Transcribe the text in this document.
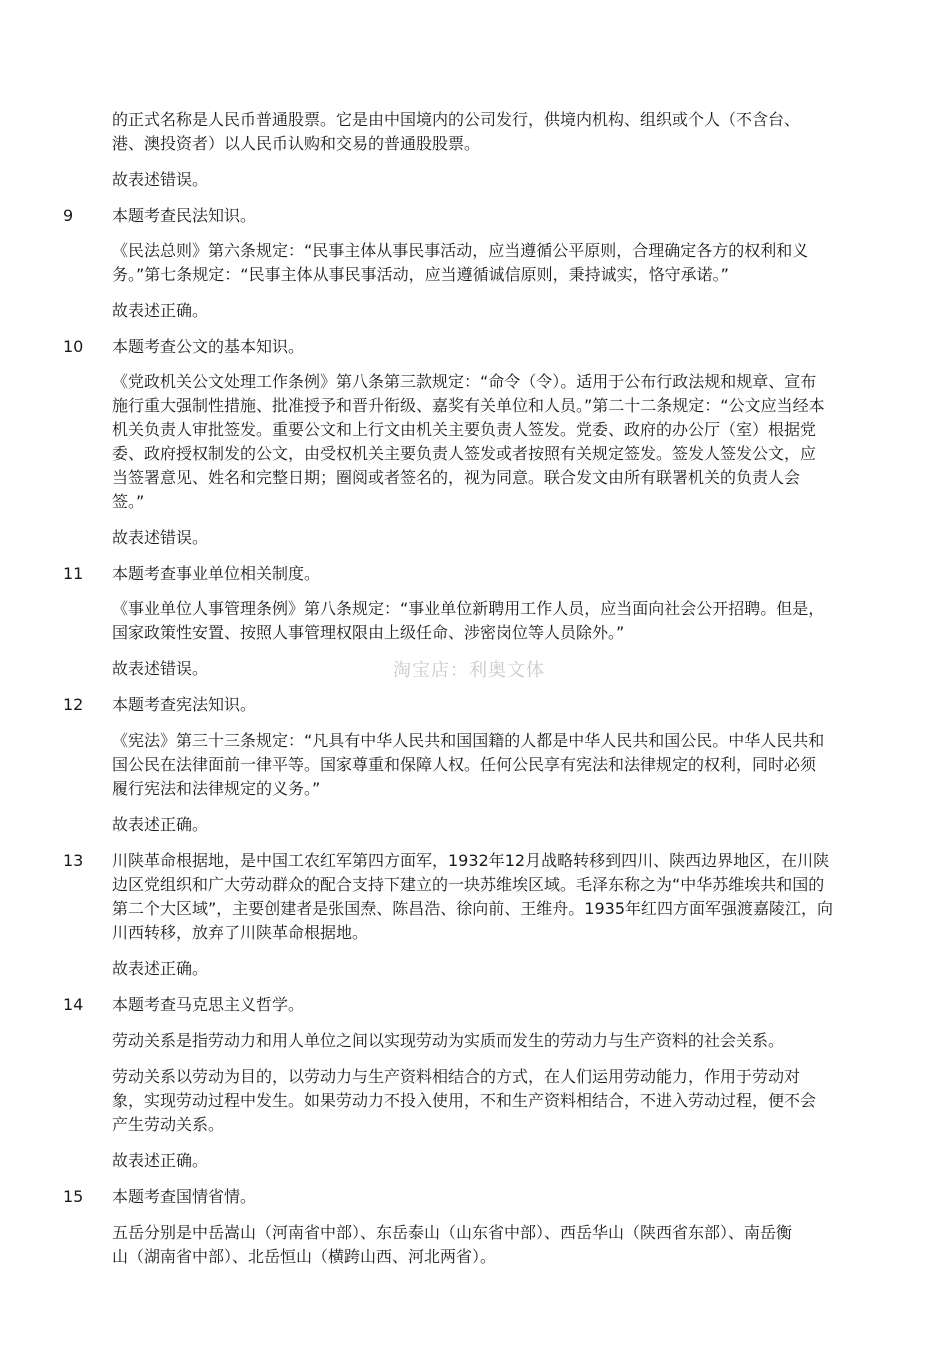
的正式名称是人民币普通股票。它是由中国境内的公司发行，供境内机构、组织或个人（不含台、
港、澳投资者）以人民币认购和交易的普通股股票。
故表述错误。
9 本题考查民法知识。
《民法总则》第六条规定：“民事主体从事民事活动，应当遵循公平原则，合理确定各方的权利和义
务。”第七条规定：“民事主体从事民事活动，应当遵循诚信原则，秉持诚实，恪守承诺。”
故表述正确。
10 本题考查公文的基本知识。
《党政机关公文处理工作条例》第八条第三款规定：“命令（令）。适用于公布行政法规和规章、宣布
施行重大强制性措施、批准授予和晋升衔级、嘉奖有关单位和人员。”第二十二条规定：“公文应当经本
机关负责人审批签发。重要公文和上行文由机关主要负责人签发。党委、政府的办公厅（室）根据党
委、政府授权制发的公文，由受权机关主要负责人签发或者按照有关规定签发。签发人签发公文，应
当签署意见、姓名和完整日期；圈阅或者签名的，视为同意。联合发文由所有联署机关的负责人会
签。”
故表述错误。
11 本题考查事业单位相关制度。
《事业单位人事管理条例》第八条规定：“事业单位新聘用工作人员，应当面向社会公开招聘。但是，
国家政策性安置、按照人事管理权限由上级任命、涉密岗位等人员除外。”
故表述错误。	淘宝店：利奥文体
12 本题考查宪法知识。
《宪法》第三十三条规定：“凡具有中华人民共和国国籍的人都是中华人民共和国公民。中华人民共和
国公民在法律面前一律平等。国家尊重和保障人权。任何公民享有宪法和法律规定的权利，同时必须
履行宪法和法律规定的义务。”
故表述正确。
13 川陕革命根据地，是中国工农红军第四方面军，1932年12月战略转移到四川、陕西边界地区，在川陕
边区党组织和广大劳动群众的配合支持下建立的一块苏维埃区域。毛泽东称之为“中华苏维埃共和国的
第二个大区域”，主要创建者是张国焘、陈昌浩、徐向前、王维舟。1935年红四方面军强渡嘉陵江，向
川西转移，放弃了川陕革命根据地。
故表述正确。
14 本题考查马克思主义哲学。
劳动关系是指劳动力和用人单位之间以实现劳动为实质而发生的劳动力与生产资料的社会关系。
劳动关系以劳动为目的，以劳动力与生产资料相结合的方式，在人们运用劳动能力，作用于劳动对
象，实现劳动过程中发生。如果劳动力不投入使用，不和生产资料相结合，不进入劳动过程，便不会
产生劳动关系。
故表述正确。
15 本题考查国情省情。
五岳分别是中岳嵩山（河南省中部）、东岳泰山（山东省中部）、西岳华山（陕西省东部）、南岳衡
山（湖南省中部）、北岳恒山（横跨山西、河北两省）。
